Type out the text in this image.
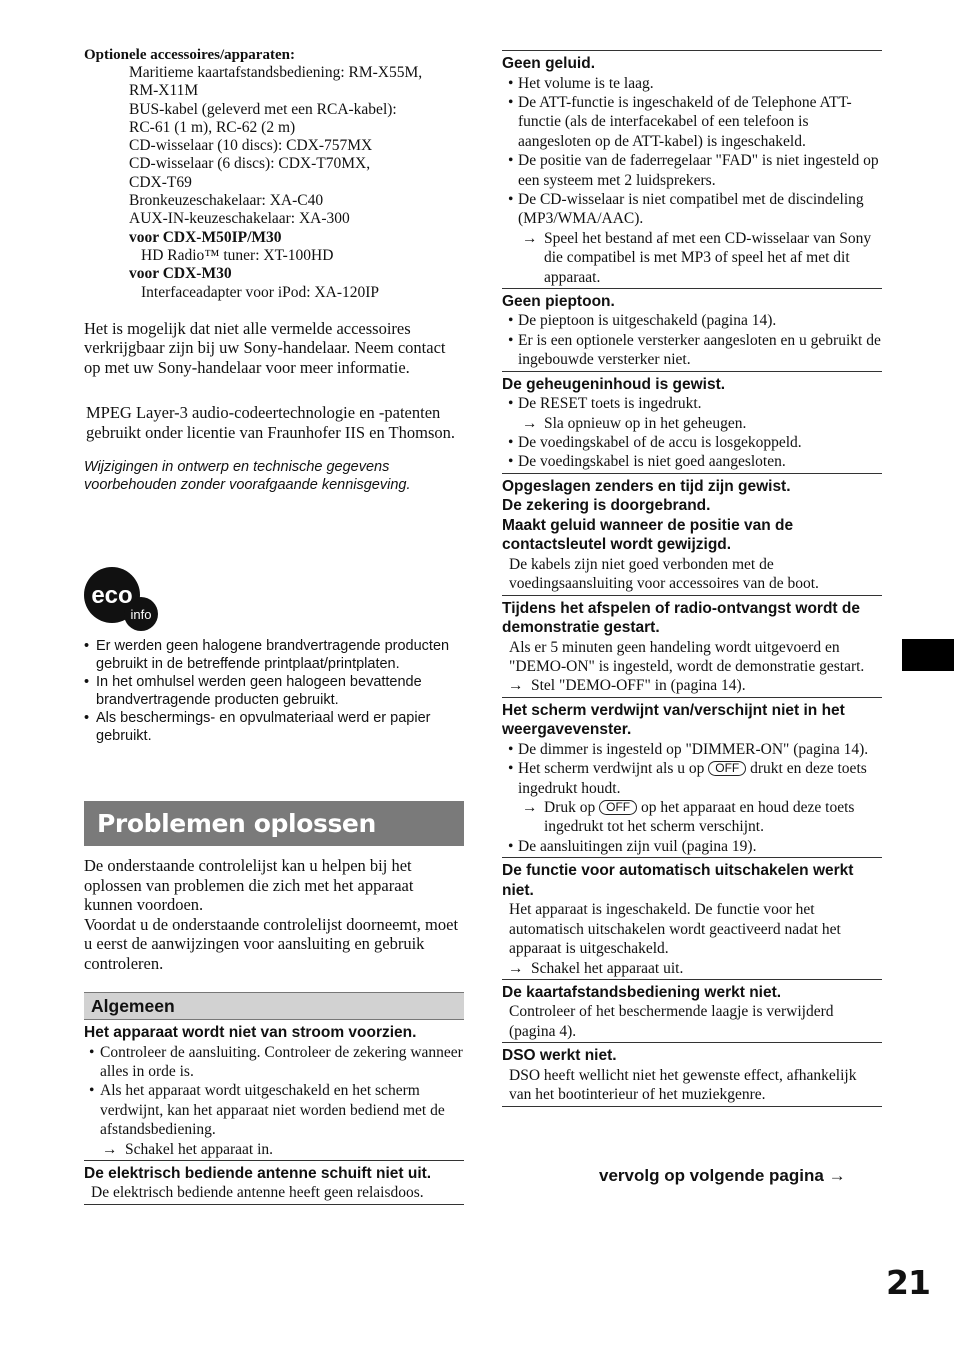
Optionele accessoires/apparaten:

Maritieme kaartafstandsbediening: RM-X55M,
RM-X11M
BUS-kabel (geleverd met een RCA-kabel):
RC-61 (1 m), RC-62 (2 m)
CD-wisselaar (10 discs): CDX-757MX
CD-wisselaar (6 discs): CDX-T70MX,
CDX-T69
Bronkeuzeschakelaar: XA-C40
AUX-IN-keuzeschakelaar: XA-300
voor CDX-M50IP/M30
HD Radio™ tuner: XT-100HD
voor CDX-M30
Interfaceadapter voor iPod: XA-120IP

Het is mogelijk dat niet alle vermelde accessoires verkrijgbaar zijn bij uw Sony-handelaar. Neem contact op met uw Sony-handelaar voor meer informatie.

MPEG Layer-3 audio-codeertechnologie en -patenten gebruikt onder licentie van Fraunhofer IIS en Thomson.

Wijzigingen in ontwerp en technische gegevens voorbehouden zonder voorafgaande kennisgeving.

eco
info
• Er werden geen halogene brandvertragende producten gebruikt in de betreffende printplaat/printplaten.
• In het omhulsel werden geen halogeen bevattende brandvertragende producten gebruikt.
• Als beschermings- en opvulmateriaal werd er papier gebruikt.
Problemen oplossen

De onderstaande controlelijst kan u helpen bij het oplossen van problemen die zich met het apparaat kunnen voordoen.

Voordat u de onderstaande controlelijst doorneemt, moet u eerst de aanwijzingen voor aansluiting en gebruik controleren.

Algemeen

Het apparaat wordt niet van stroom voorzien.

• Controleer de aansluiting. Controleer de zekering wanneer alles in orde is.
• Als het apparaat wordt uitgeschakeld en het scherm verdwijnt, kan het apparaat niet worden bediend met de afstandsbediening.
→ Schakel het apparaat in.

De elektrisch bediende antenne schuift niet uit.

De elektrisch bediende antenne heeft geen relaisdoos.

Geen geluid.

• Het volume is te laag.
• De ATT-functie is ingeschakeld of de Telephone ATT-functie (als de interfacekabel of een telefoon is aangesloten op de ATT-kabel) is ingeschakeld.
• De positie van de faderregelaar "FAD" is niet ingesteld op een systeem met 2 luidsprekers.
• De CD-wisselaar is niet compatibel met de discindeling (MP3/WMA/AAC).
→ Speel het bestand af met een CD-wisselaar van Sony die compatibel is met MP3 of speel het af met dit apparaat.

Geen pieptoon.

• De pieptoon is uitgeschakeld (pagina 14).
• Er is een optionele versterker aangesloten en u gebruikt de ingebouwde versterker niet.

De geheugeninhoud is gewist.

• De RESET toets is ingedrukt.
→ Sla opnieuw op in het geheugen.
• De voedingskabel of de accu is losgekoppeld.
• De voedingskabel is niet goed aangesloten.

Opgeslagen zenders en tijd zijn gewist.

De zekering is doorgebrand.

Maakt geluid wanneer de positie van de contactsleutel wordt gewijzigd.

De kabels zijn niet goed verbonden met de voedingsaansluiting voor accessoires van de boot.

Tijdens het afspelen of radio-ontvangst wordt de demonstratie gestart.

Als er 5 minuten geen handeling wordt uitgevoerd en "DEMO-ON" is ingesteld, wordt de demonstratie gestart.

→ Stel "DEMO-OFF" in (pagina 14).

Het scherm verdwijnt van/verschijnt niet in het weergavevenster.

• De dimmer is ingesteld op "DIMMER-ON" (pagina 14).
• Het scherm verdwijnt als u op OFF drukt en deze toets ingedrukt houdt.
→ Druk op OFF op het apparaat en houd deze toets ingedrukt tot het scherm verschijnt.
• De aansluitingen zijn vuil (pagina 19).

De functie voor automatisch uitschakelen werkt niet.

Het apparaat is ingeschakeld. De functie voor het automatisch uitschakelen wordt geactiveerd nadat het apparaat is uitgeschakeld.

→ Schakel het apparaat uit.

De kaartafstandsbediening werkt niet.

Controleer of het beschermende laagje is verwijderd (pagina 4).

DSO werkt niet.

DSO heeft wellicht niet het gewenste effect, afhankelijk van het bootinterieur of het muziekgenre.

vervolg op volgende pagina →
21
